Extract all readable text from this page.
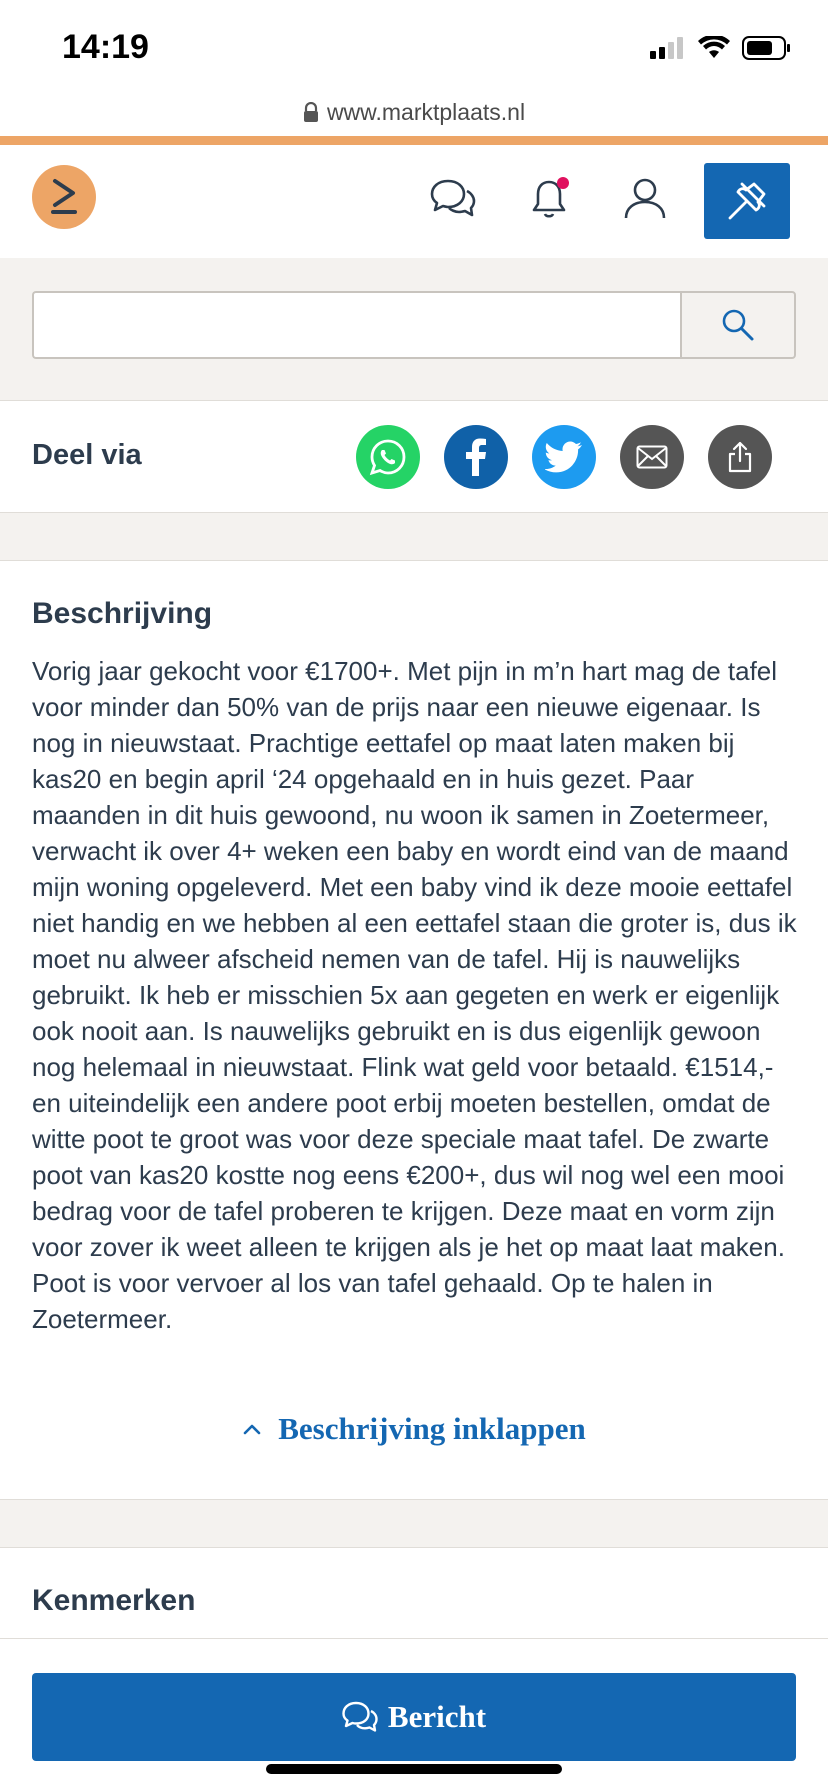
14:19
www.marktplaats.nl
Deel via
Beschrijving
Vorig jaar gekocht voor €1700+. Met pijn in m’n hart mag de tafel voor minder dan 50% van de prijs naar een nieuwe eigenaar. Is nog in nieuwstaat. Prachtige eettafel op maat laten maken bij kas20 en begin april ‘24 opgehaald en in huis gezet. Paar maanden in dit huis gewoond, nu woon ik samen in Zoetermeer, verwacht ik over 4+ weken een baby en wordt eind van de maand mijn woning opgeleverd. Met een baby vind ik deze mooie eettafel niet handig en we hebben al een eettafel staan die groter is, dus ik moet nu alweer afscheid nemen van de tafel. Hij is nauwelijks gebruikt. Ik heb er misschien 5x aan gegeten en werk er eigenlijk ook nooit aan. Is nauwelijks gebruikt en is dus eigenlijk gewoon nog helemaal in nieuwstaat. Flink wat geld voor betaald. €1514,- en uiteindelijk een andere poot erbij moeten bestellen, omdat de witte poot te groot was voor deze speciale maat tafel. De zwarte poot van kas20 kostte nog eens €200+, dus wil nog wel een mooi bedrag voor de tafel proberen te krijgen. Deze maat en vorm zijn voor zover ik weet alleen te krijgen als je het op maat laat maken. Poot is voor vervoer al los van tafel gehaald. Op te halen in Zoetermeer.
Beschrijving inklappen
Kenmerken
Bericht
